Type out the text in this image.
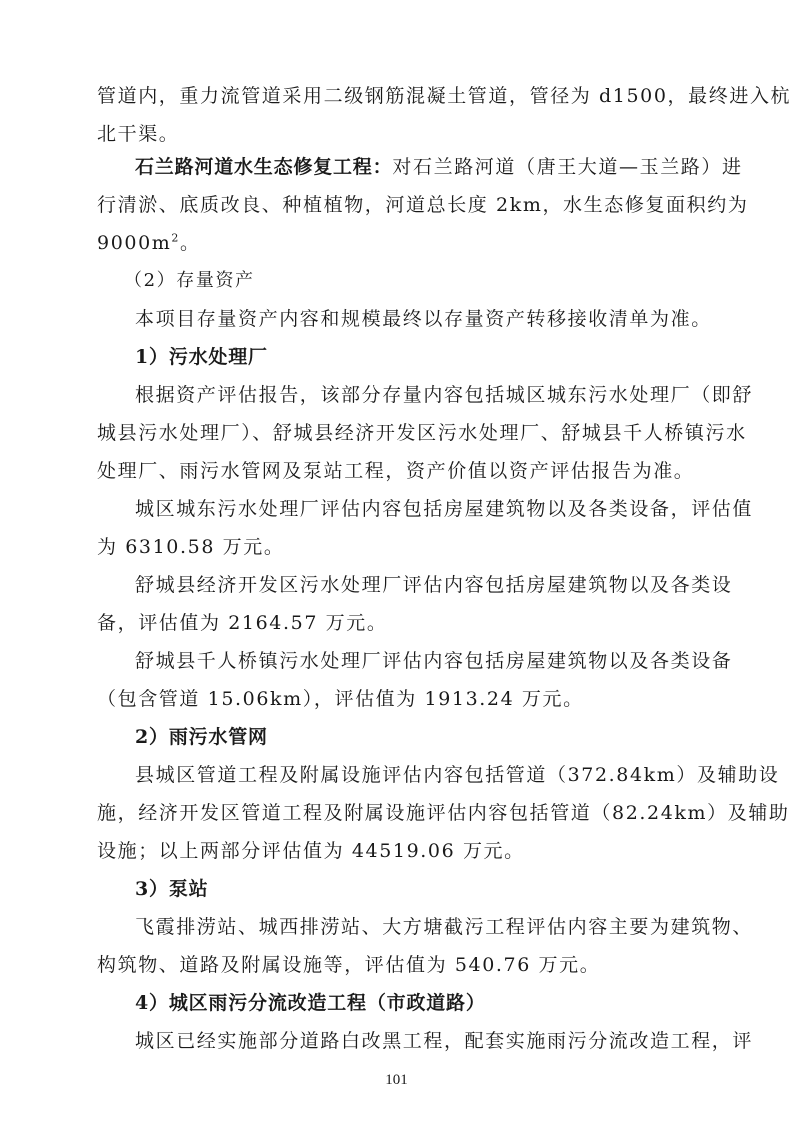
管道内，重力流管道采用二级钢筋混凝土管道，管径为 d1500，最终进入杭
北干渠。
石兰路河道水生态修复工程：对石兰路河道（唐王大道—玉兰路）进
行清淤、底质改良、种植植物，河道总长度 2km，水生态修复面积约为
$9000m^2$。
（2）存量资产
本项目存量资产内容和规模最终以存量资产转移接收清单为准。
1）污水处理厂
根据资产评估报告，该部分存量内容包括城区城东污水处理厂（即舒
城县污水处理厂）、舒城县经济开发区污水处理厂、舒城县千人桥镇污水
处理厂、雨污水管网及泵站工程，资产价值以资产评估报告为准。
城区城东污水处理厂评估内容包括房屋建筑物以及各类设备，评估值
为 6310.58 万元。
舒城县经济开发区污水处理厂评估内容包括房屋建筑物以及各类设
备，评估值为 2164.57 万元。
舒城县千人桥镇污水处理厂评估内容包括房屋建筑物以及各类设备
（包含管道 15.06km），评估值为 1913.24 万元。
2）雨污水管网
县城区管道工程及附属设施评估内容包括管道（372.84km）及辅助设
施，经济开发区管道工程及附属设施评估内容包括管道（82.24km）及辅助
设施；以上两部分评估值为 44519.06 万元。
3）泵站
飞霞排涝站、城西排涝站、大方塘截污工程评估内容主要为建筑物、
构筑物、道路及附属设施等，评估值为 540.76 万元。
4）城区雨污分流改造工程（市政道路）
城区已经实施部分道路白改黑工程，配套实施雨污分流改造工程，评
101
